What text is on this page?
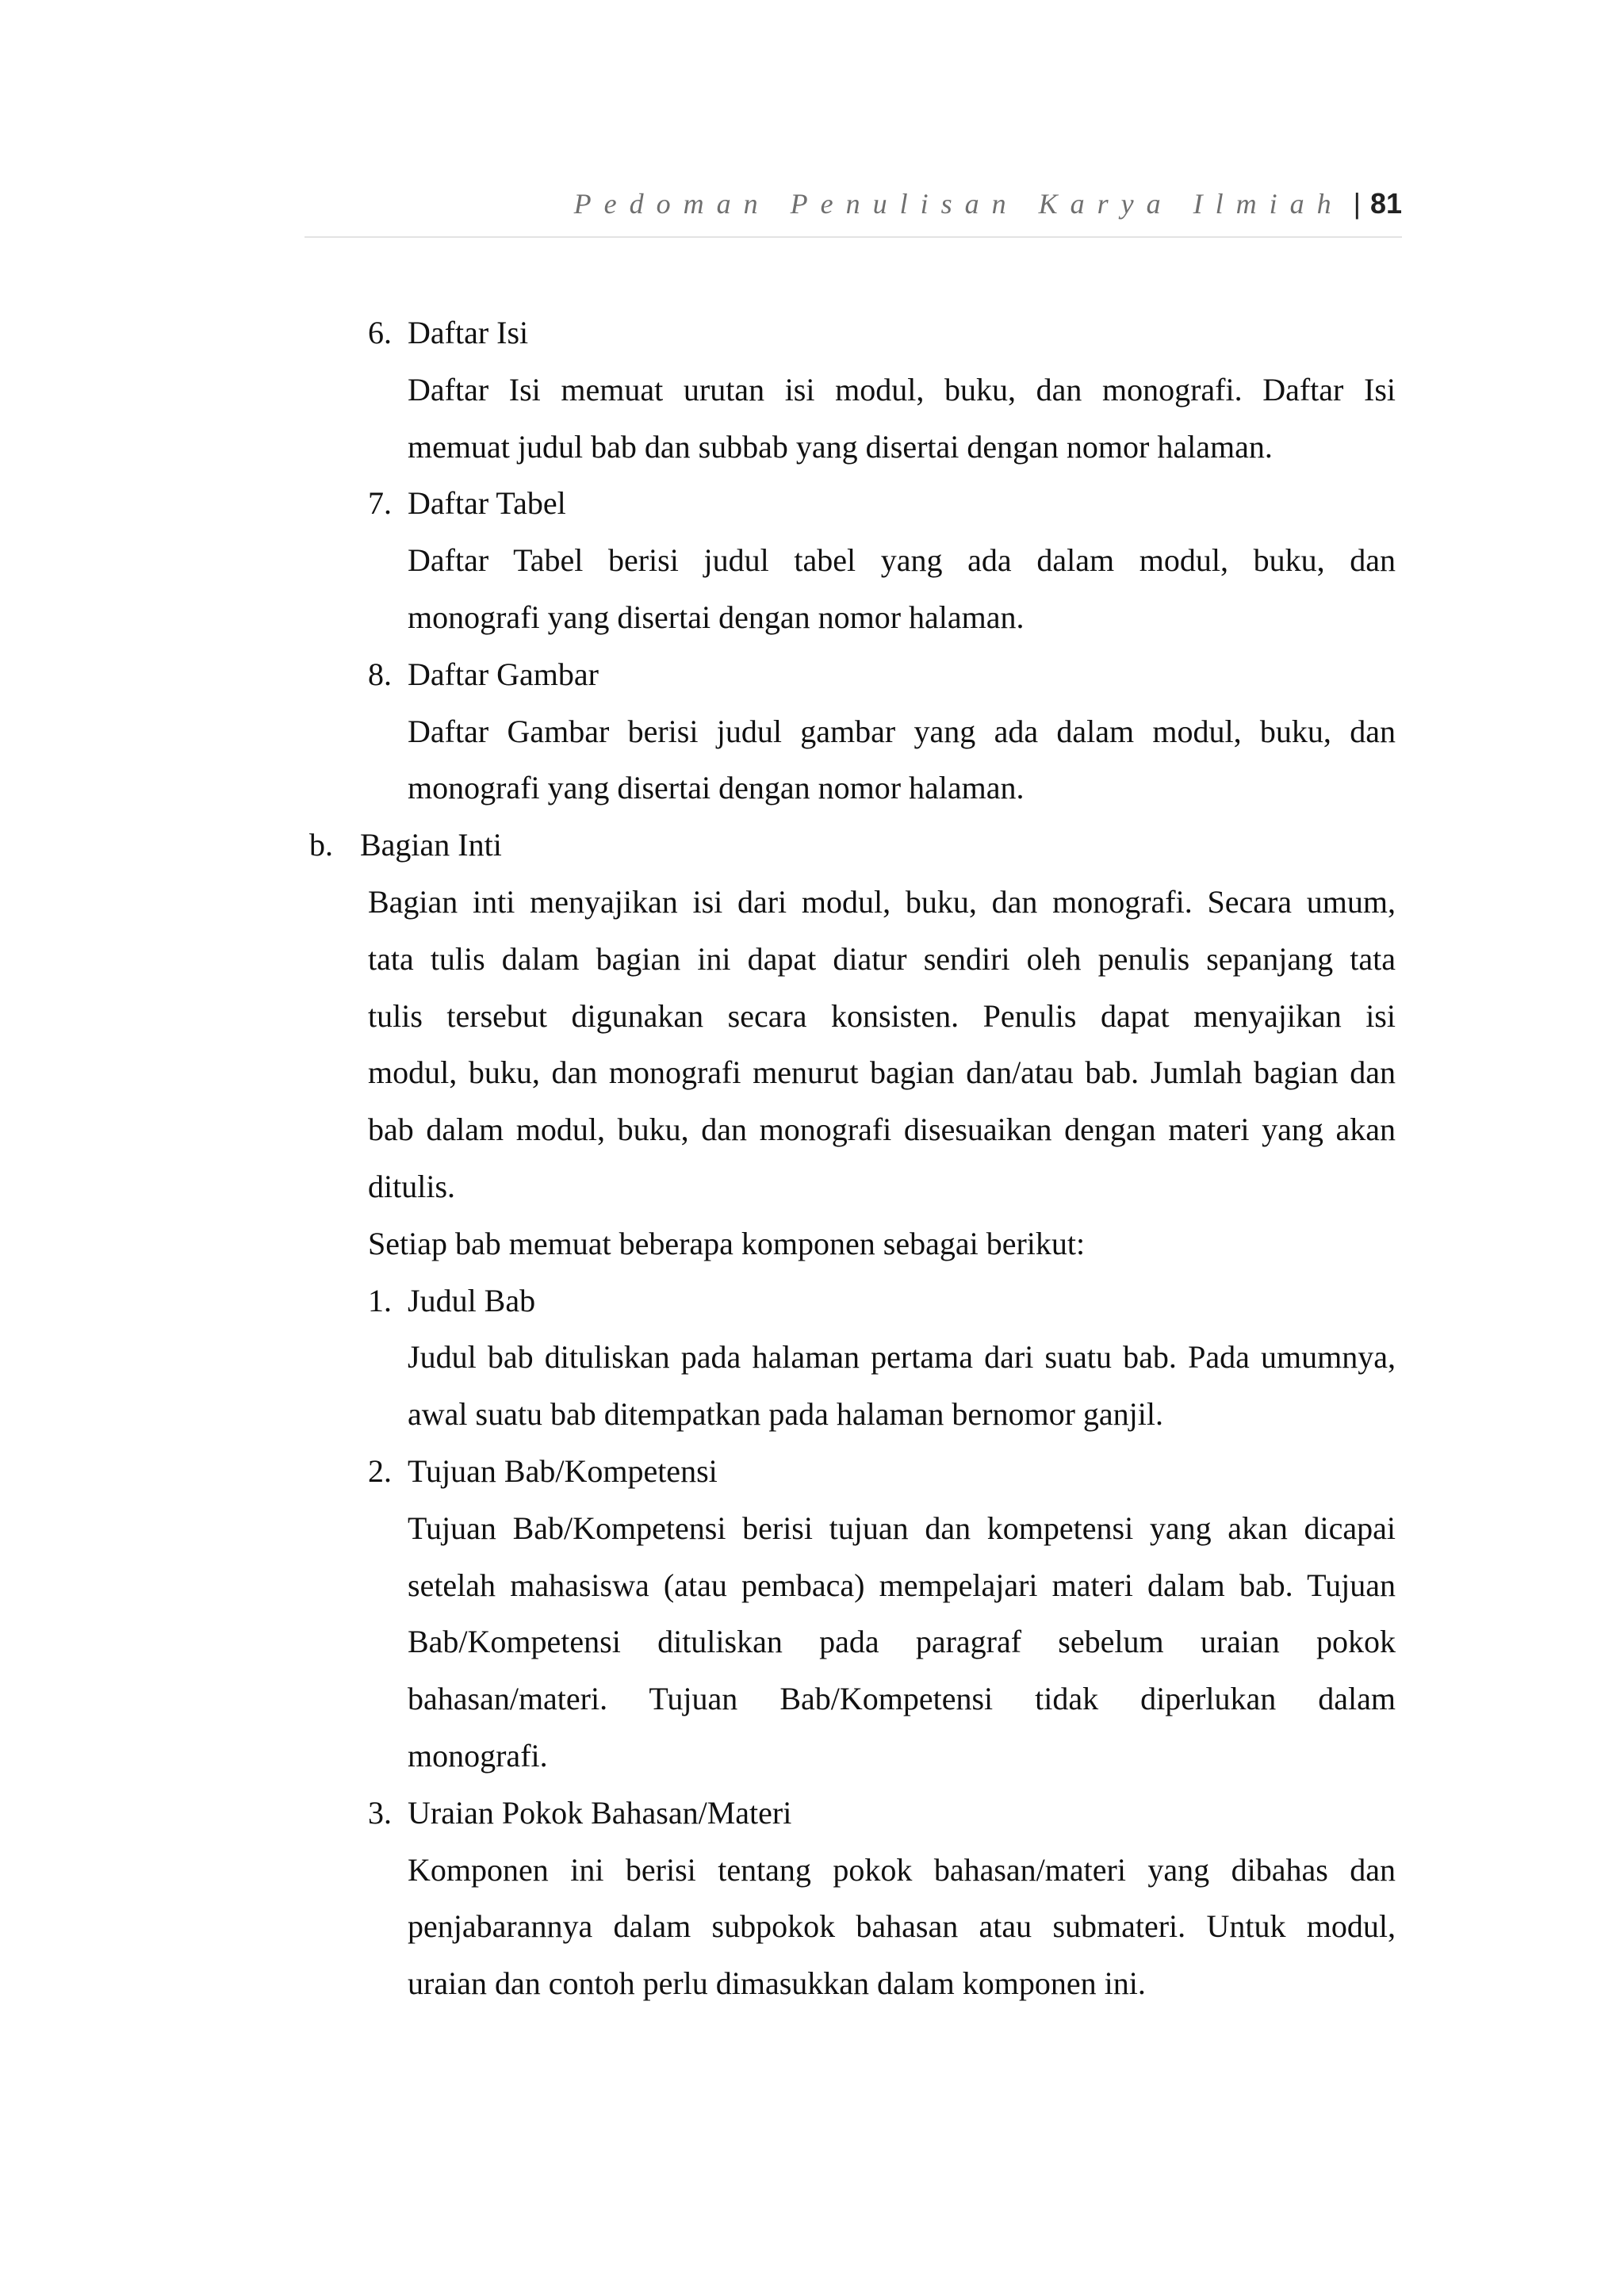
Pedoman Penulisan Karya Ilmiah | 81
6. Daftar Isi
Daftar Isi memuat urutan isi modul, buku, dan monografi. Daftar Isi
memuat judul bab dan subbab yang disertai dengan nomor halaman.
7. Daftar Tabel
Daftar Tabel berisi judul tabel yang ada dalam modul, buku, dan
monografi yang disertai dengan nomor halaman.
8. Daftar Gambar
Daftar Gambar berisi judul gambar yang ada dalam modul, buku, dan
monografi yang disertai dengan nomor halaman.
b. Bagian Inti
Bagian inti menyajikan isi dari modul, buku, dan monografi. Secara umum,
tata tulis dalam bagian ini dapat diatur sendiri oleh penulis sepanjang tata
tulis tersebut digunakan secara konsisten. Penulis dapat menyajikan isi
modul, buku, dan monografi menurut bagian dan/atau bab. Jumlah bagian dan
bab dalam modul, buku, dan monografi disesuaikan dengan materi yang akan
ditulis.
Setiap bab memuat beberapa komponen sebagai berikut:
1. Judul Bab
Judul bab dituliskan pada halaman pertama dari suatu bab. Pada umumnya,
awal suatu bab ditempatkan pada halaman bernomor ganjil.
2. Tujuan Bab/Kompetensi
Tujuan Bab/Kompetensi berisi tujuan dan kompetensi yang akan dicapai
setelah mahasiswa (atau pembaca) mempelajari materi dalam bab. Tujuan
Bab/Kompetensi dituliskan pada paragraf sebelum uraian pokok
bahasan/materi. Tujuan Bab/Kompetensi tidak diperlukan dalam
monografi.
3. Uraian Pokok Bahasan/Materi
Komponen ini berisi tentang pokok bahasan/materi yang dibahas dan
penjabarannya dalam subpokok bahasan atau submateri. Untuk modul,
uraian dan contoh perlu dimasukkan dalam komponen ini.
